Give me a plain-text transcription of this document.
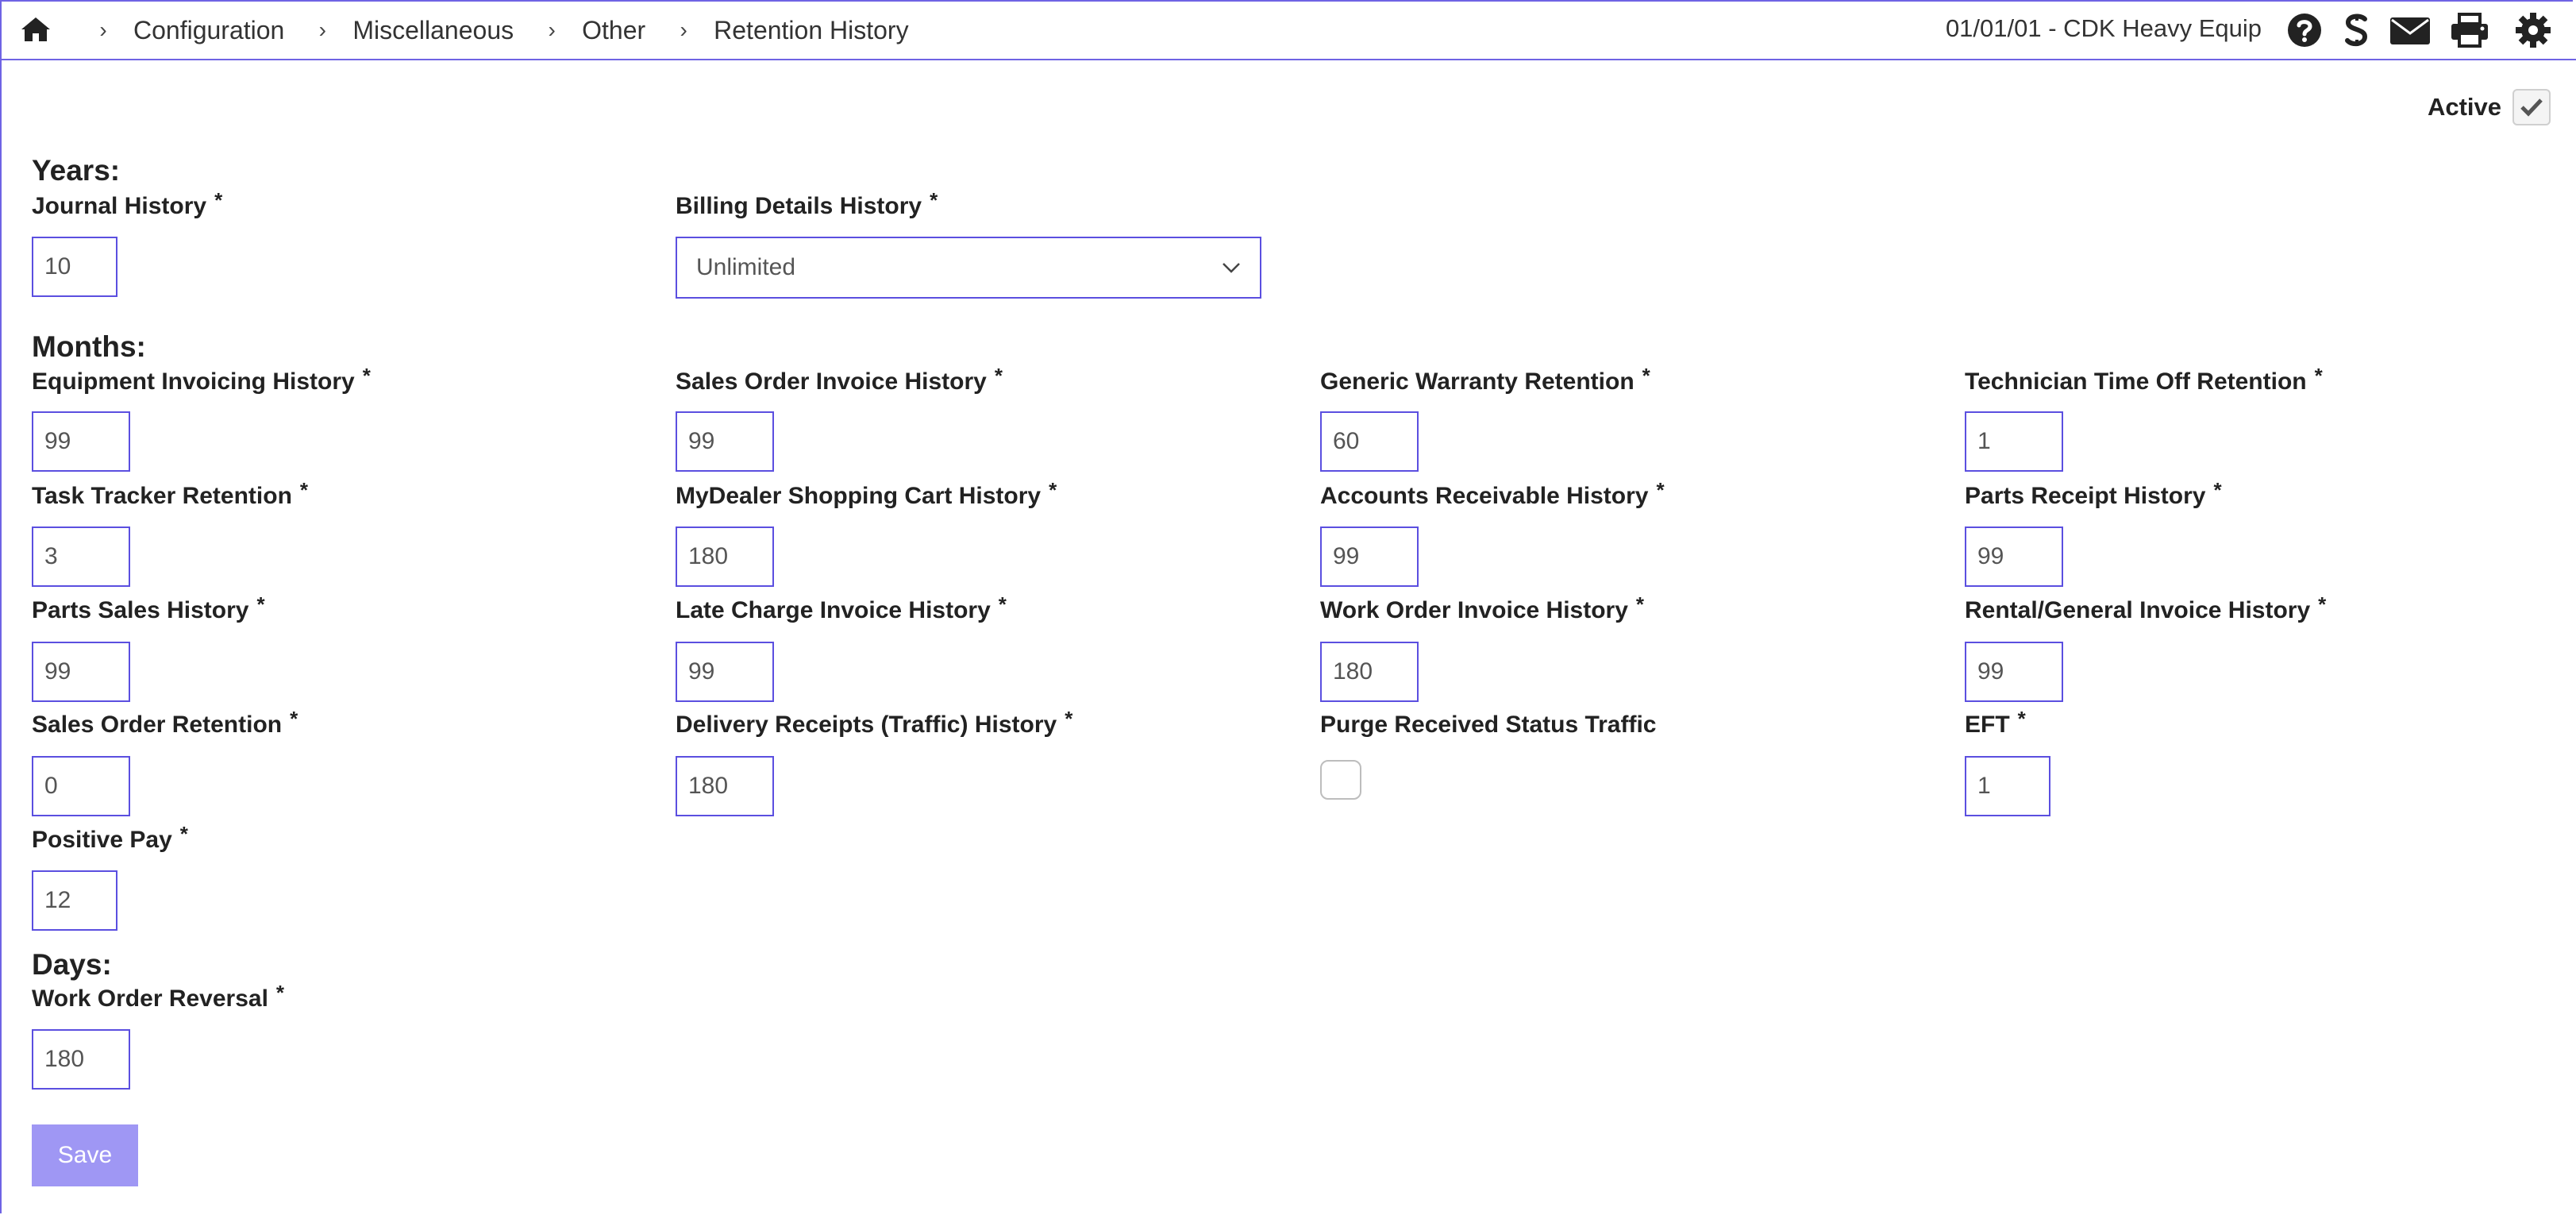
›	Configuration	›	Miscellaneous	›	Other	›	Retention History	01/01/01 - CDK Heavy Equip
Active
Years:
Journal History *
10	Billing Details History *
Unlimited
Months:
Equipment Invoicing History *
99	Sales Order Invoice History *
99	Generic Warranty Retention *
60	Technician Time Off Retention *
1
Task Tracker Retention *
3	MyDealer Shopping Cart History *
180	Accounts Receivable History *
99	Parts Receipt History *
99
Parts Sales History *
99	Late Charge Invoice History *
99	Work Order Invoice History *
180	Rental/General Invoice History *
99
Sales Order Retention *
0	Delivery Receipts (Traffic) History *
180	Purge Received Status Traffic	EFT *
1
Positive Pay *
12
Days:
Work Order Reversal *
180
Save
